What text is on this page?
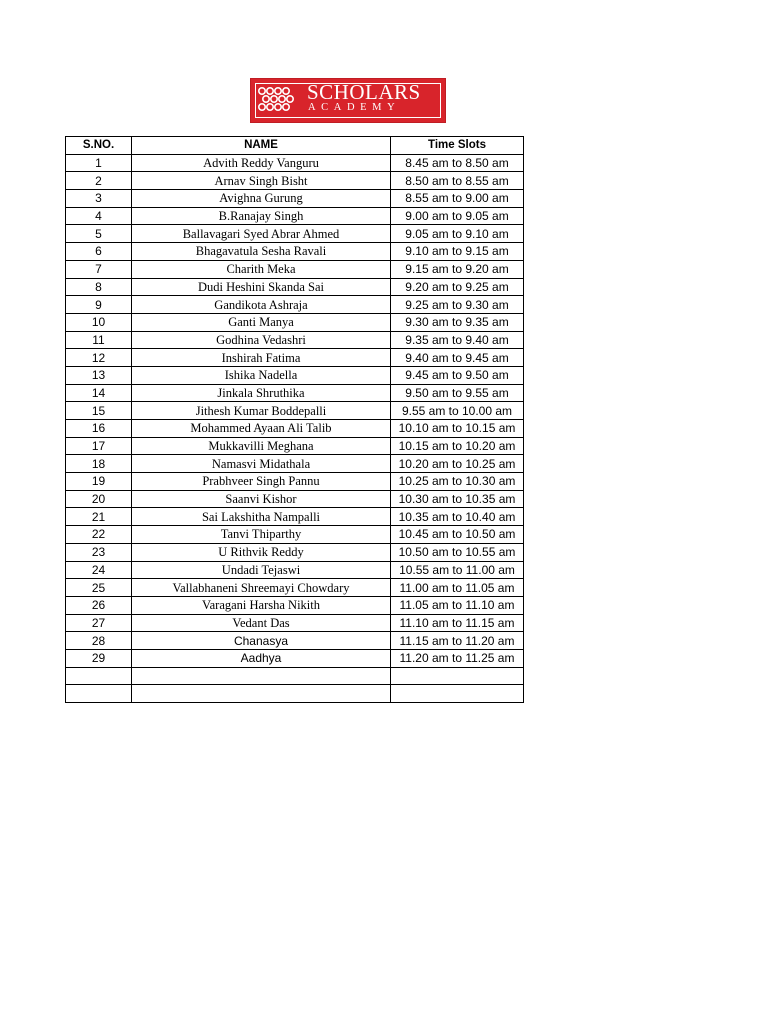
SCHOLARS
ACADEMY
S.NO.	NAME	Time Slots
1	Advith Reddy Vanguru	8.45 am to 8.50 am
2	Arnav Singh Bisht	8.50 am to 8.55 am
3	Avighna Gurung	8.55 am to 9.00 am
4	B.Ranajay Singh	9.00 am to 9.05 am
5	Ballavagari Syed Abrar Ahmed	9.05 am to 9.10 am
6	Bhagavatula Sesha Ravali	9.10 am to 9.15 am
7	Charith Meka	9.15 am to 9.20 am
8	Dudi Heshini Skanda Sai	9.20 am to 9.25 am
9	Gandikota Ashraja	9.25 am to 9.30 am
10	Ganti Manya	9.30 am to 9.35 am
11	Godhina Vedashri	9.35 am to 9.40 am
12	Inshirah Fatima	9.40 am to 9.45 am
13	Ishika Nadella	9.45 am to 9.50 am
14	Jinkala Shruthika	9.50 am to 9.55 am
15	Jithesh Kumar Boddepalli	9.55 am to 10.00 am
16	Mohammed Ayaan Ali Talib	10.10 am to 10.15 am
17	Mukkavilli Meghana	10.15 am to 10.20 am
18	Namasvi Midathala	10.20 am to 10.25 am
19	Prabhveer Singh Pannu	10.25 am to 10.30 am
20	Saanvi Kishor	10.30 am to 10.35 am
21	Sai Lakshitha Nampalli	10.35 am to 10.40 am
22	Tanvi Thiparthy	10.45 am to 10.50 am
23	U Rithvik Reddy	10.50 am to 10.55 am
24	Undadi Tejaswi	10.55 am to 11.00 am
25	Vallabhaneni Shreemayi Chowdary	11.00 am to 11.05 am
26	Varagani Harsha Nikith	11.05 am to 11.10 am
27	Vedant Das	11.10 am to 11.15 am
28	Chanasya	11.15 am to 11.20 am
29	Aadhya	11.20 am to 11.25 am
